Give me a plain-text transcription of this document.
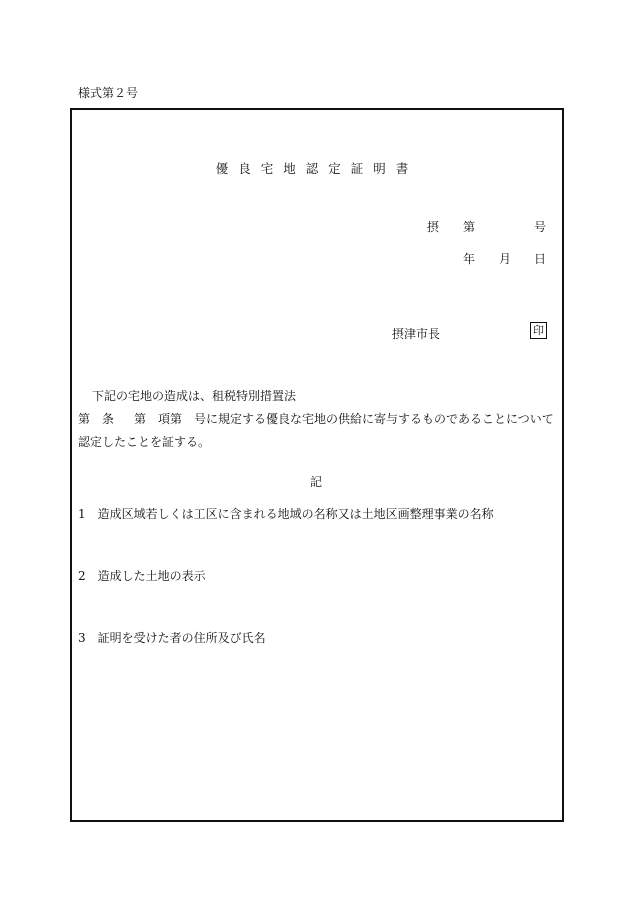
様式第２号
優良宅地認定証明書
摂 第	号
年 月 日
摂津市長	印
下記の宅地の造成は、租税特別措置法
第 条 第　項第　号に規定する優良な宅地の供給に寄与するものであることについて
認定したことを証する。
記
1 造成区域若しくは工区に含まれる地域の名称又は土地区画整理事業の名称
2 造成した土地の表示
3 証明を受けた者の住所及び氏名
